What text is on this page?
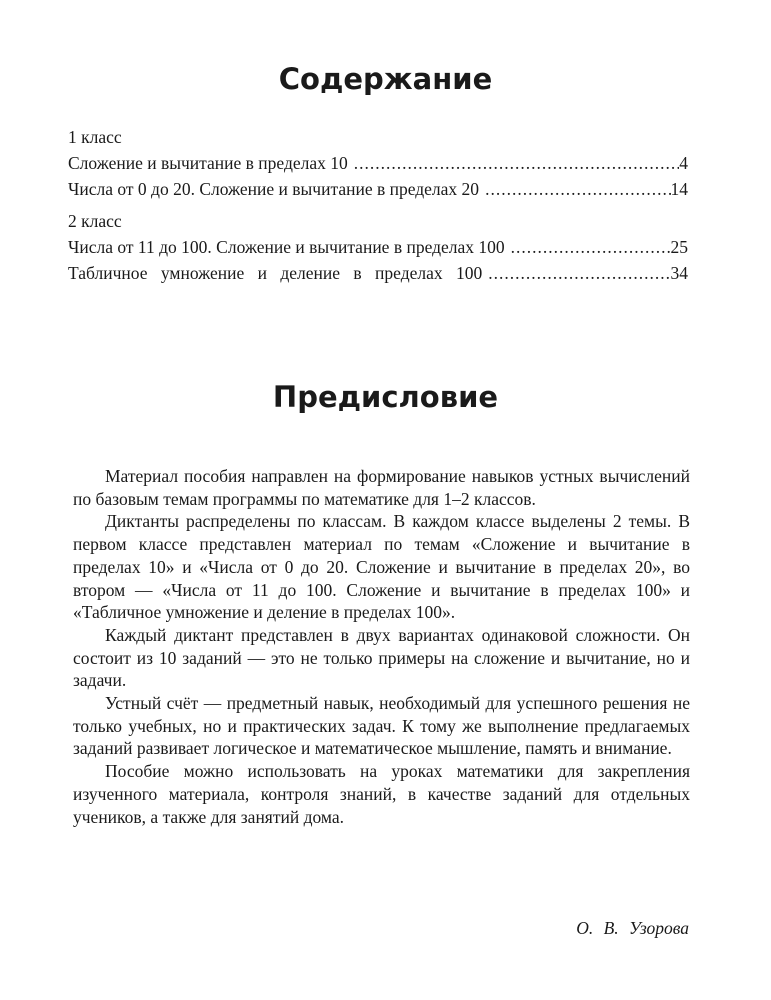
Содержание
1 класс
Сложение и вычитание в пределах 10 .....	4
Числа от 0 до 20. Сложение и вычитание в пределах 20 .....	14
2 класс
Числа от 11 до 100. Сложение и вычитание в пределах 100 .....	25
Табличное умножение и деление в пределах 100 .....	34
Предисловие

Материал пособия направлен на формирование навыков устных вычислений по базовым темам программы по математике для 1–2 классов.

Диктанты распределены по классам. В каждом классе выделены 2 темы. В первом классе представлен материал по темам «Сложение и вычитание в пределах 10» и «Числа от 0 до 20. Сложение и вычитание в пределах 20», во втором — «Числа от 11 до 100. Сложение и вычитание в пределах 100» и «Табличное умножение и деление в пределах 100».

Каждый диктант представлен в двух вариантах одинаковой сложности. Он состоит из 10 заданий — это не только примеры на сложение и вычитание, но и задачи.

Устный счёт — предметный навык, необходимый для успешного решения не только учебных, но и практических задач. К тому же выполнение предлагаемых заданий развивает логическое и математическое мышление, память и внимание.

Пособие можно использовать на уроках математики для закрепления изученного материала, контроля знаний, в качестве заданий для отдельных учеников, а также для занятий дома.

О. В. Узорова
